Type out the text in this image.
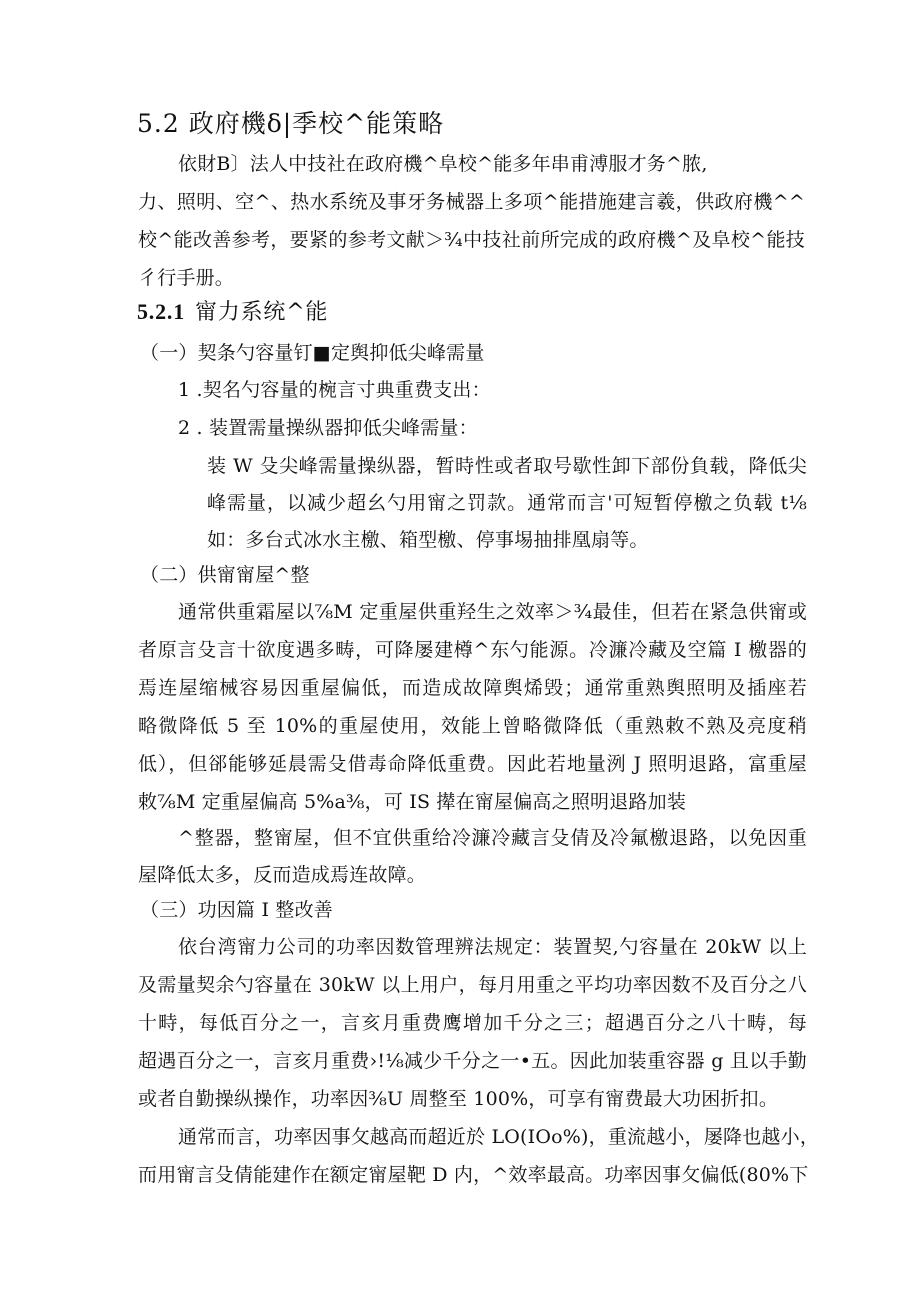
5.2 政府機δ|季校^能策略
依財B〕法人中技社在政府機^阜校^能多年串甫溥服才务^脓,
力、照明、空^、热水系统及事牙务械器上多项^能措施建言羲，供政府機^^
校^能改善参考，要紧的参考文献＞¾中技社前所完成的政府機^及阜校^能技
彳行手册。
5.2.1 甯力系统^能
（一）契条勺容量钉■定舆抑低尖峰需量
1 .契名勺容量的椀言寸典重费支出：
2 . 装置需量操纵器抑低尖峰需量：
装 W 殳尖峰需量操纵器，暂時性或者取号歇性卸下部份負载，降低尖
峰需量，以减少超幺勺用甯之罚款。通常而言'可短暂停檄之负载 t⅛
如：多台式冰水主檄、箱型檄、停事埸抽排凰扇等。
（二）供甯甯屋^整
通常供重霜屋以⅞M 定重屋供重羟生之效率＞¾最佳，但若在紧急供甯或
者原言殳言十欲度遇多畴，可降屡建樽^东勺能源。冷濂冷藏及空篇 I 檄器的
焉连屋缩械容易因重屋偏低，而造成故障舆烯毁；通常重熟舆照明及插座若
略微降低 5 至 10%的重屋使用，效能上曾略微降低（重熟敕不熟及亮度稍
低），但郤能够延晨需殳借毒命降低重费。因此若地量洌 J 照明退路，富重屋
敕⅞M 定重屋偏高 5%a⅜，可 IS 撵在甯屋偏高之照明退路加装
^整器，整甯屋，但不宜供重给冷濂冷藏言殳倩及冷氟檄退路，以免因重
屋降低太多，反而造成焉连故障。
（三）功因篇 I 整改善
依台湾甯力公司的功率因数管理辨法规定：装置契,勺容量在 20kW 以上
及需量契余勺容量在 30kW 以上用户，每月用重之平均功率因数不及百分之八
十畤，每低百分之一，言亥月重费鹰增加千分之三；超遇百分之八十畴，每
超遇百分之一，言亥月重费›!⅛减少千分之一•五。因此加装重容器 g 且以手勤
或者自勤操纵操作，功率因⅜U 周整至 100%，可享有甯费最大功困折扣。
通常而言，功率因事攵越高而超近於 LO(IOo%)，重流越小，屡降也越小，
而用甯言殳倩能建作在额定甯屋靶 D 内，^效率最高。功率因事攵偏低(80%下
